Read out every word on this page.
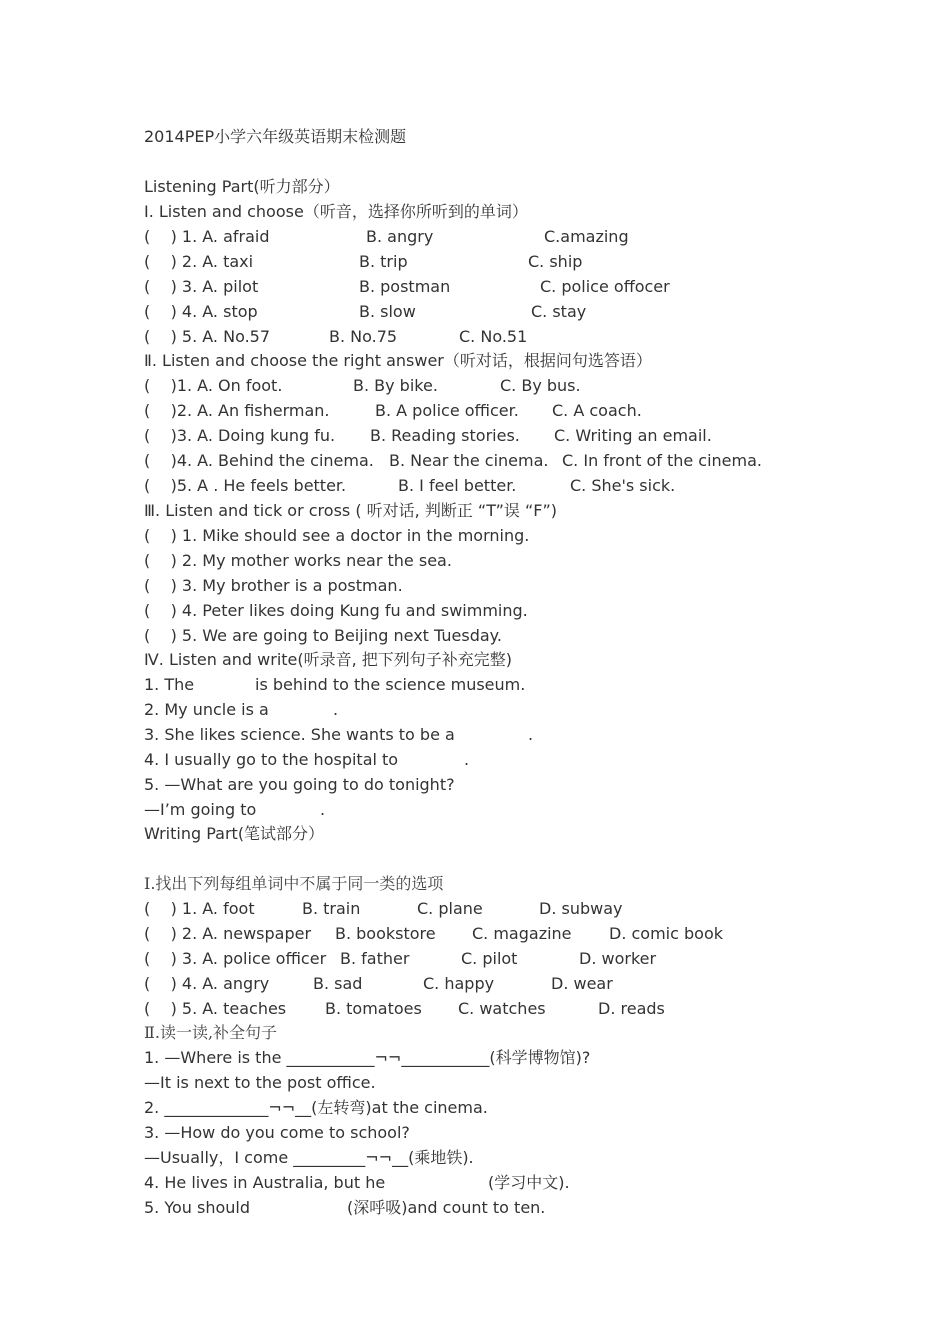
2014PEP小学六年级英语期末检测题
Listening Part(听力部分）
Ⅰ. Listen and choose（听音，选择你所听到的单词）
(    ) 1. A. afraid	B. angry	C.amazing
(    ) 2. A. taxi	B. trip	C. ship
(    ) 3. A. pilot	B. postman	C. police offocer
(    ) 4. A. stop	B. slow	C. stay
(    ) 5. A. No.57	B. No.75	C. No.51
Ⅱ. Listen and choose the right answer（听对话，根据问句选答语）
(    )1. A. On foot.	B. By bike.	C. By bus.
(    )2. A. An fisherman.	B. A police officer. C. A coach.
(    )3. A. Doing kung fu. B. Reading stories. C. Writing an email.
(    )4. A. Behind the cinema. B. Near the cinema. C. In front of the cinema.
(    )5. A . He feels better.	B. I feel better.	C. She's sick.
Ⅲ. Listen and tick or cross ( 听对话, 判断正 “T”误 “F”)
(    ) 1. Mike should see a doctor in the morning.
(    ) 2. My mother works near the sea.
(    ) 3. My brother is a postman.
(    ) 4. Peter likes doing Kung fu and swimming.
(    ) 5. We are going to Beijing next Tuesday.
Ⅳ. Listen and write(听录音, 把下列句子补充完整)
1. The	is behind to the science museum.
2. My uncle is a	.
3. She likes science. She wants to be a	.
4. I usually go to the hospital to	.
5. —What are you going to do tonight?
—I’m going to	.
Writing Part(笔试部分）
Ⅰ.找出下列每组单词中不属于同一类的选项
(    ) 1. A. foot	B. train	C. plane	D. subway
(    ) 2. A. newspaper B. bookstore C. magazine D. comic book
(    ) 3. A. police officer B. father	C. pilot	D. worker
(    ) 4. A. angry	B. sad	C. happy	D. wear
(    ) 5. A. teaches B. tomatoes C. watches	D. reads
Ⅱ.读一读,补全句子
1. —Where is the ___________¬¬___________(科学博物馆)?
—It is next to the post office.
2. _____________¬¬__(左转弯)at the cinema.
3. —How do you come to school?
—Usually，I come _________¬¬__(乘地铁).
4. He lives in Australia, but he	(学习中文).
5. You should	(深呼吸)and count to ten.
